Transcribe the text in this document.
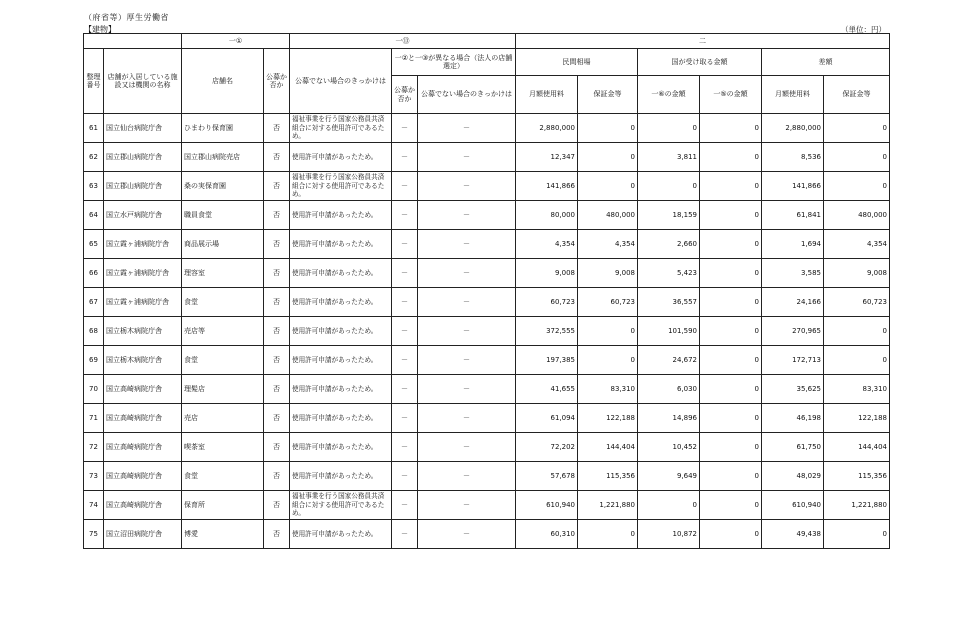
（府省等）厚生労働省
【建物】	（単位：円）
		一①		一⑬			二					
整理番号	店舗が入居している施設又は機関の名称	店舗名	公募か否か	公募でない場合のきっかけは	一②と一③が異なる場合（法人の店舗選定）		民間相場		国が受け取る金額		差額	
					公募か否か	公募でない場合のきっかけは	月額使用料	保証金等	一⑥の金額	一⑤の金額	月額使用料	保証金等
61	国立仙台病院庁舎	ひまわり保育園	否	福祉事業を行う国家公務員共済組合に対する使用許可であるため。	－	－	2,880,000	0	0	0	2,880,000	0
62	国立郡山病院庁舎	国立郡山病院売店	否	使用許可申請があったため。	－	－	12,347	0	3,811	0	8,536	0
63	国立郡山病院庁舎	桑の実保育園	否	福祉事業を行う国家公務員共済組合に対する使用許可であるため。	－	－	141,866	0	0	0	141,866	0
64	国立水戸病院庁舎	職員食堂	否	使用許可申請があったため。	－	－	80,000	480,000	18,159	0	61,841	480,000
65	国立霞ヶ浦病院庁舎	商品展示場	否	使用許可申請があったため。	－	－	4,354	4,354	2,660	0	1,694	4,354
66	国立霞ヶ浦病院庁舎	理容室	否	使用許可申請があったため。	－	－	9,008	9,008	5,423	0	3,585	9,008
67	国立霞ヶ浦病院庁舎	食堂	否	使用許可申請があったため。	－	－	60,723	60,723	36,557	0	24,166	60,723
68	国立栃木病院庁舎	売店等	否	使用許可申請があったため。	－	－	372,555	0	101,590	0	270,965	0
69	国立栃木病院庁舎	食堂	否	使用許可申請があったため。	－	－	197,385	0	24,672	0	172,713	0
70	国立高崎病院庁舎	理髪店	否	使用許可申請があったため。	－	－	41,655	83,310	6,030	0	35,625	83,310
71	国立高崎病院庁舎	売店	否	使用許可申請があったため。	－	－	61,094	122,188	14,896	0	46,198	122,188
72	国立高崎病院庁舎	喫茶室	否	使用許可申請があったため。	－	－	72,202	144,404	10,452	0	61,750	144,404
73	国立高崎病院庁舎	食堂	否	使用許可申請があったため。	－	－	57,678	115,356	9,649	0	48,029	115,356
74	国立高崎病院庁舎	保育所	否	福祉事業を行う国家公務員共済組合に対する使用許可であるため。	－	－	610,940	1,221,880	0	0	610,940	1,221,880
75	国立沼田病院庁舎	博愛	否	使用許可申請があったため。	－	－	60,310	0	10,872	0	49,438	0
